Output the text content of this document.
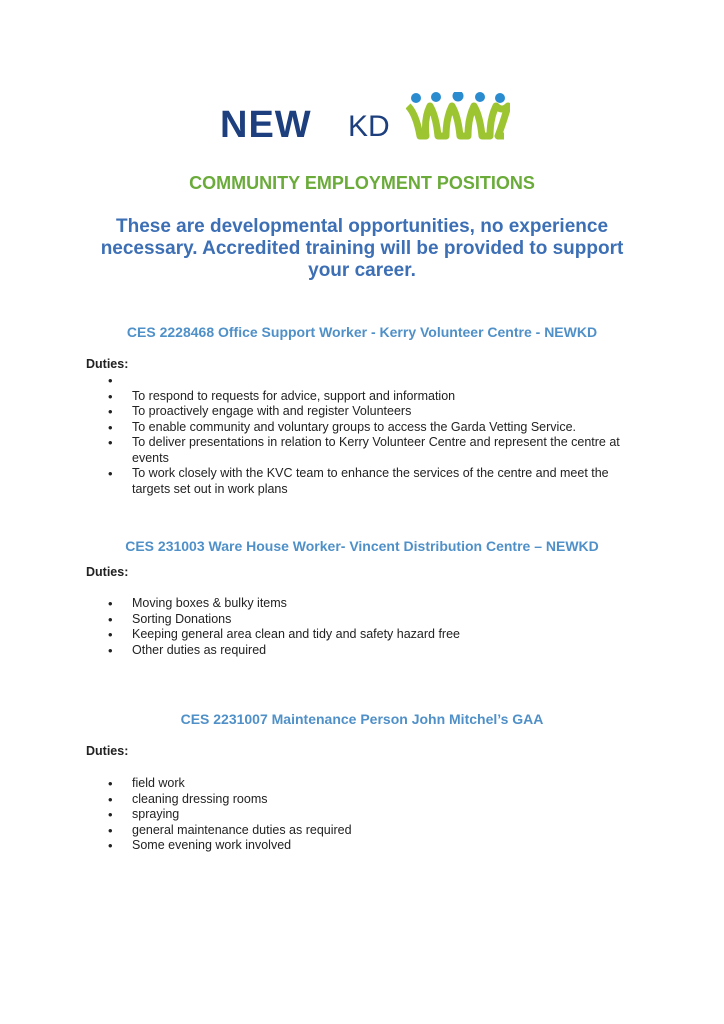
NEW KD
COMMUNITY EMPLOYMENT POSITIONS
These are developmental opportunities, no experience necessary. Accredited training will be provided to support your career.
CES 2228468 Office Support Worker - Kerry Volunteer Centre - NEWKD
Duties:
•
• To respond to requests for advice, support and information
• To proactively engage with and register Volunteers
• To enable community and voluntary groups to access the Garda Vetting Service.
• To deliver presentations in relation to Kerry Volunteer Centre and represent the centre at events
• To work closely with the KVC team to enhance the services of the centre and meet the targets set out in work plans
CES 231003 Ware House Worker- Vincent Distribution Centre – NEWKD
Duties:
• Moving boxes & bulky items
• Sorting Donations
• Keeping general area clean and tidy and safety hazard free
• Other duties as required
CES 2231007 Maintenance Person John Mitchel’s GAA
Duties:
• field work
• cleaning dressing rooms
• spraying
• general maintenance duties as required
• Some evening work involved
